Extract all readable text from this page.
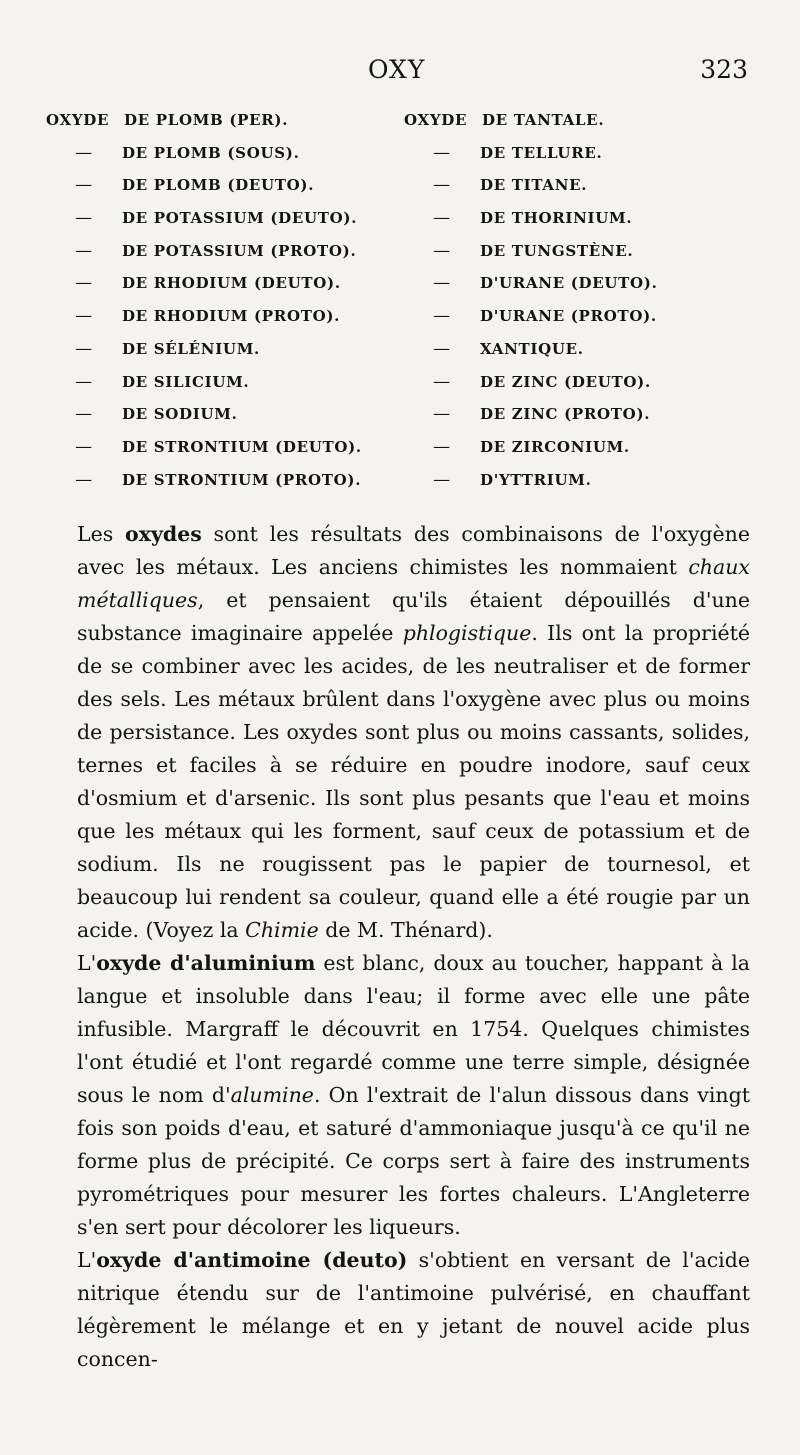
OXY	323
OXYDE DE PLOMB (PER).
— DE PLOMB (SOUS).
— DE PLOMB (DEUTO).
— DE POTASSIUM (DEUTO).
— DE POTASSIUM (PROTO).
— DE RHODIUM (DEUTO).
— DE RHODIUM (PROTO).
— DE SÉLÉNIUM.
— DE SILICIUM.
— DE SODIUM.
— DE STRONTIUM (DEUTO).
— DE STRONTIUM (PROTO).
OXYDE DE TANTALE.
— DE TELLURE.
— DE TITANE.
— DE THORINIUM.
— DE TUNGSTÈNE.
— D'URANE (DEUTO).
— D'URANE (PROTO).
— XANTIQUE.
— DE ZINC (DEUTO).
— DE ZINC (PROTO).
— DE ZIRCONIUM.
— D'YTTRIUM.

Les oxydes sont les résultats des combinaisons de l'oxygène avec les métaux. Les anciens chimistes les nommaient chaux métalliques, et pensaient qu'ils étaient dépouillés d'une substance imaginaire appelée phlogistique. Ils ont la propriété de se combiner avec les acides, de les neutraliser et de former des sels. Les métaux brûlent dans l'oxygène avec plus ou moins de persistance. Les oxydes sont plus ou moins cassants, solides, ternes et faciles à se réduire en poudre inodore, sauf ceux d'osmium et d'arsenic. Ils sont plus pesants que l'eau et moins que les métaux qui les forment, sauf ceux de potassium et de sodium. Ils ne rougissent pas le papier de tournesol, et beaucoup lui rendent sa couleur, quand elle a été rougie par un acide. (Voyez la Chimie de M. Thénard).

L'oxyde d'aluminium est blanc, doux au toucher, happant à la langue et insoluble dans l'eau; il forme avec elle une pâte infusible. Margraff le découvrit en 1754. Quelques chimistes l'ont étudié et l'ont regardé comme une terre simple, désignée sous le nom d'alumine. On l'extrait de l'alun dissous dans vingt fois son poids d'eau, et saturé d'ammoniaque jusqu'à ce qu'il ne forme plus de précipité. Ce corps sert à faire des instruments pyrométriques pour mesurer les fortes chaleurs. L'Angleterre s'en sert pour décolorer les liqueurs.

L'oxyde d'antimoine (deuto) s'obtient en versant de l'acide nitrique étendu sur de l'antimoine pulvérisé, en chauffant légèrement le mélange et en y jetant de nouvel acide plus concen-
